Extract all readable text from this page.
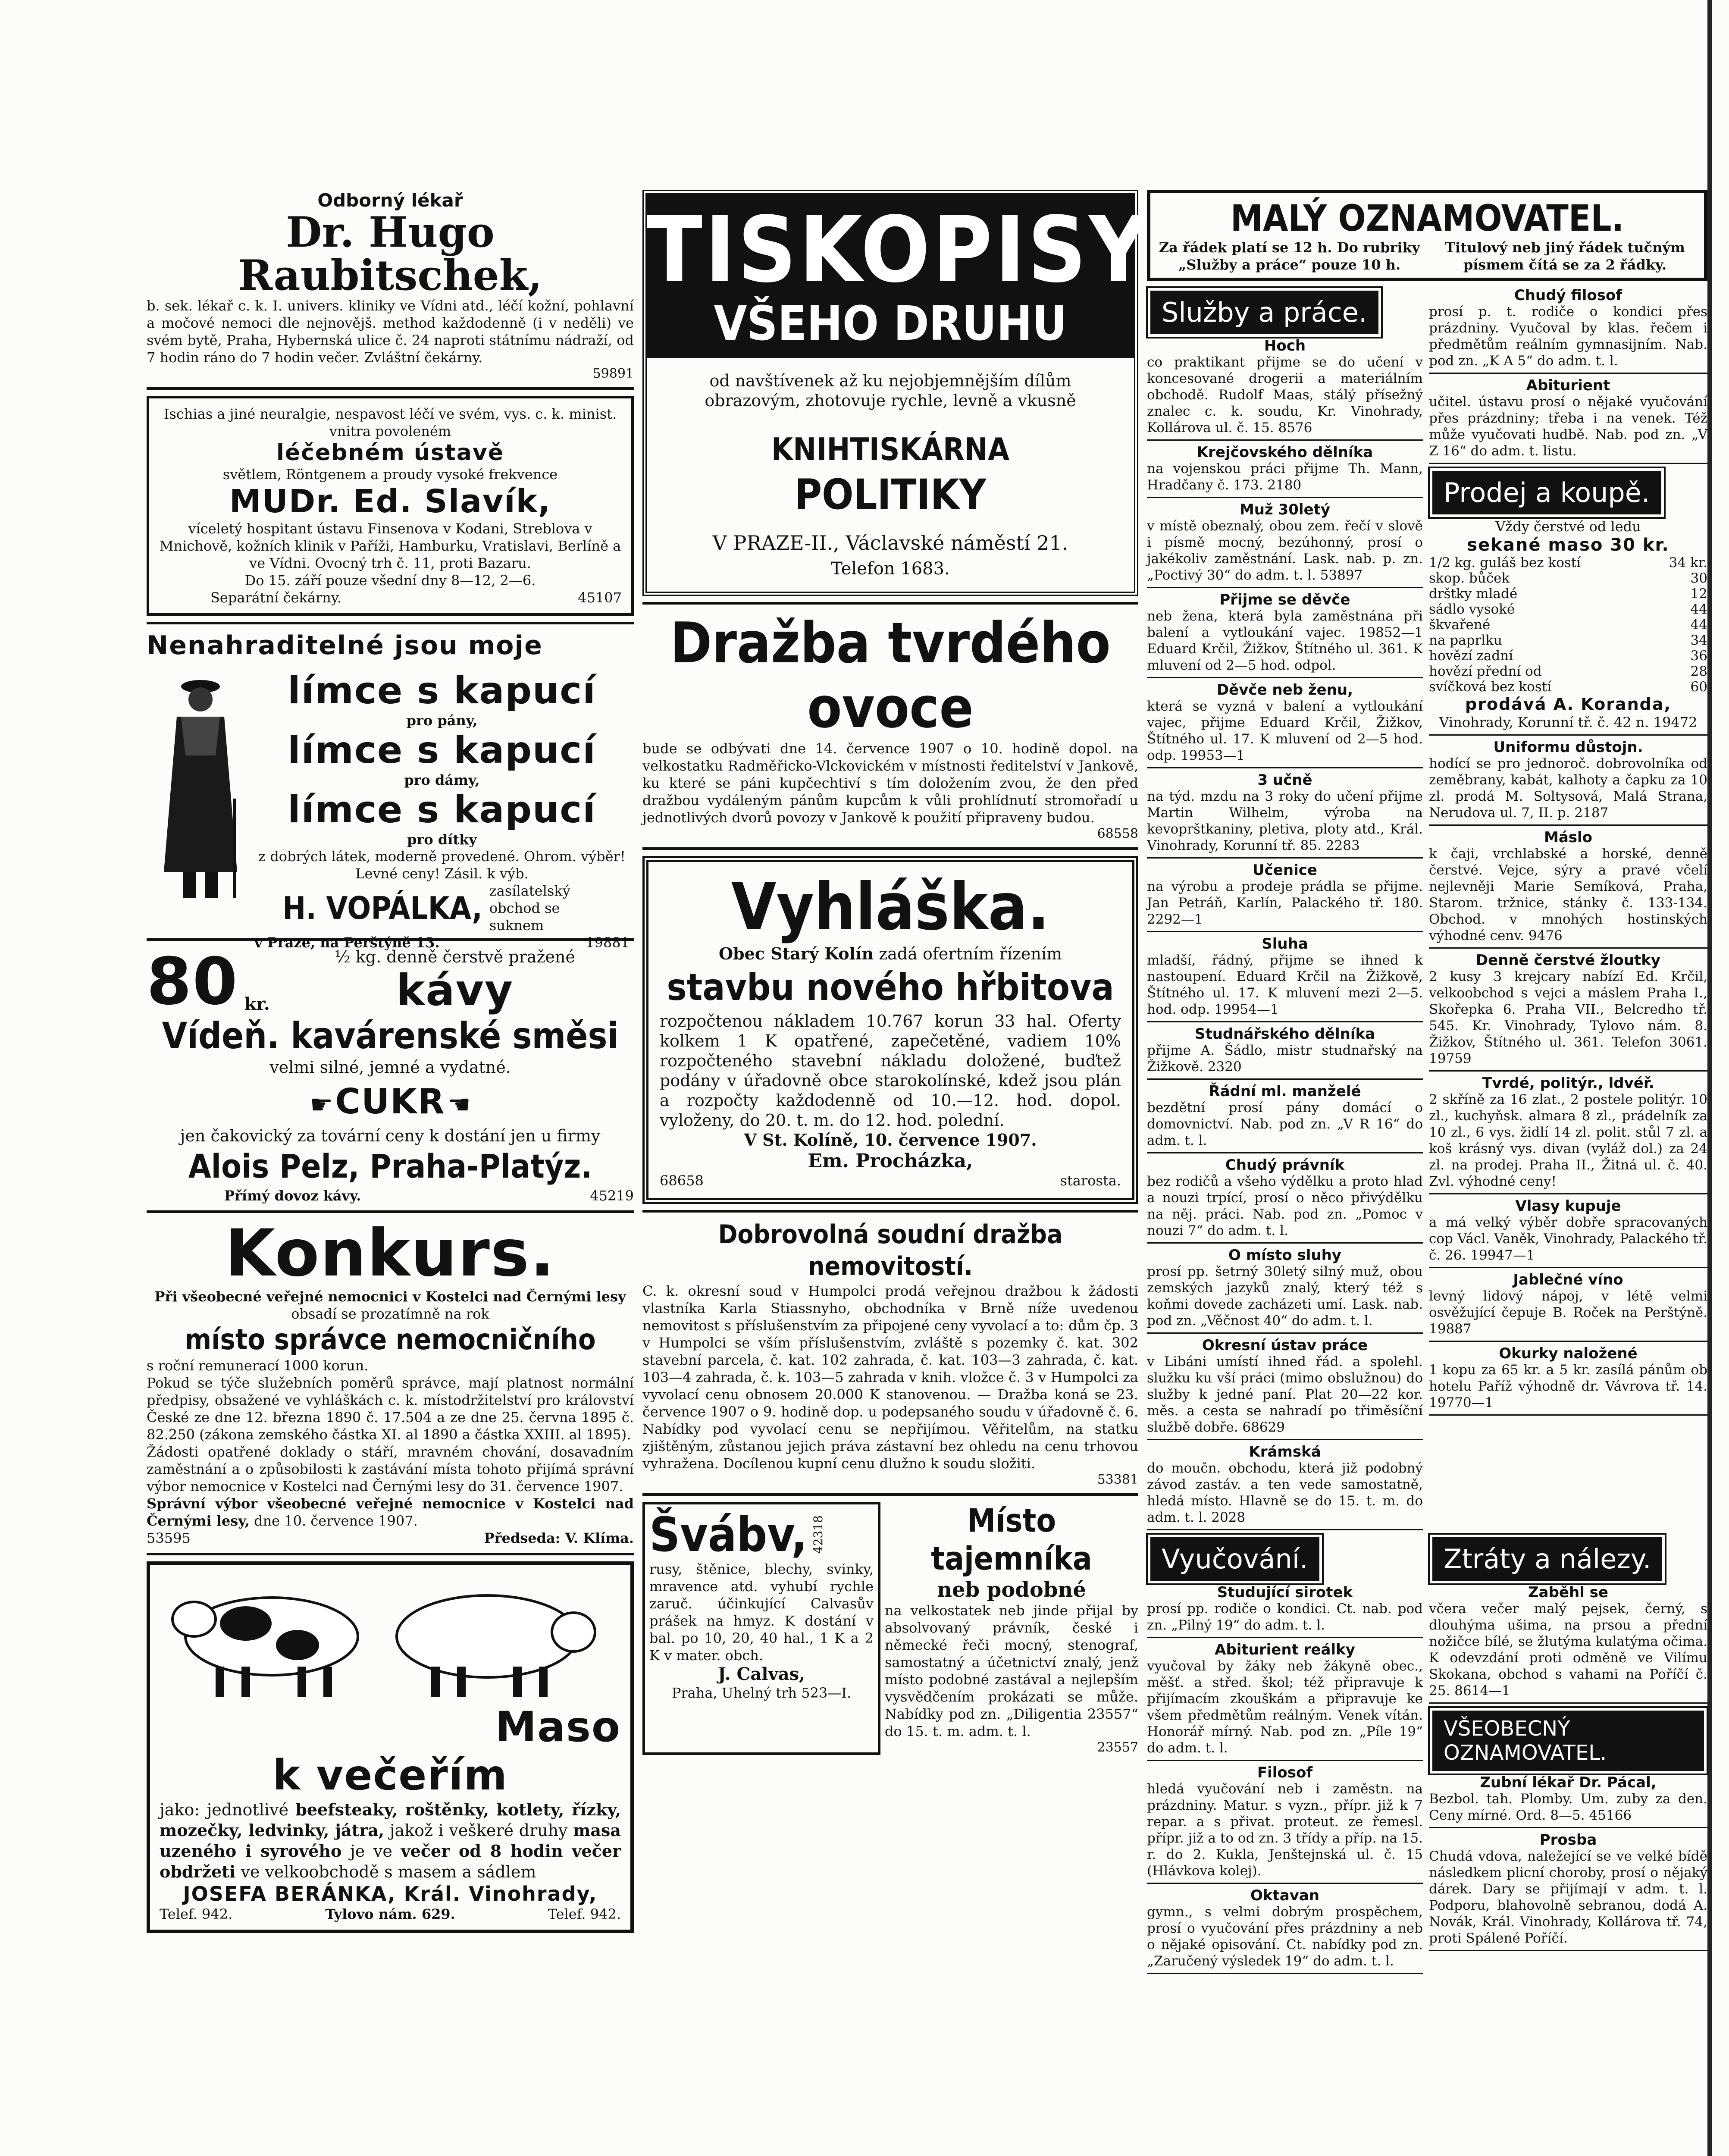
Odborný lékař
Dr. Hugo Raubitschek,
b. sek. lékař c. k. I. univers. kliniky ve Vídni atd., léčí kožní, pohlavní a močové nemoci dle nejnovějš. method každodenně (i v neděli) ve svém bytě, Praha, Hybernská ulice č. 24 naproti státnímu nádraží, od 7 hodin ráno do 7 hodin večer. Zvláštní čekárny.
59891
Ischias a jiné neuralgie, nespavost léčí ve svém, vys. c. k. minist. vnitra povoleném
léčebném ústavě
světlem, Röntgenem a proudy vysoké frekvence
MUDr. Ed. Slavík,
víceletý hospitant ústavu Finsenova v Kodani, Streblova v Mnichově, kožních klinik v Paříži, Hamburku, Vratislavi, Berlíně a ve Vídni. Ovocný trh č. 11, proti Bazaru.
Do 15. září pouze všední dny 8—12, 2—6.
Separátní čekárny.	45107
Nenahraditelné jsou moje
límce s kapucí
pro pány,
límce s kapucí
pro dámy,
límce s kapucí
pro dítky
z dobrých látek, moderně provedené. Ohrom. výběr! Levné ceny! Zásil. k výb.
H. VOPÁLKA, zasílatelský obchod se suknem
v Praze, na Perštýně 13.	19881
80 kr.
½ kg. denně čerstvě pražené
kávy
Vídeň. kavárenské směsi
velmi silné, jemné a vydatné.
☛ CUKR ☚
jen čakovický za tovární ceny k dostání jen u firmy
Alois Pelz, Praha-Platýz.
Přímý dovoz kávy.	45219
Konkurs.
Při všeobecné veřejné nemocnici v Kostelci nad Černými lesy obsadí se prozatímně na rok
místo správce nemocničního
s roční remunerací 1000 korun.
Pokud se týče služebních poměrů správce, mají platnost normální předpisy, obsažené ve vyhláškách c. k. místodržitelství pro království České ze dne 12. března 1890 č. 17.504 a ze dne 25. června 1895 č. 82.250 (zákona zemského částka XI. al 1890 a částka XXIII. al 1895).
Žádosti opatřené doklady o stáří, mravném chování, dosavadním zaměstnání a o způsobilosti k zastávání místa tohoto přijímá správní výbor nemocnice v Kostelci nad Černými lesy do 31. července 1907.
Správní výbor všeobecné veřejné nemocnice v Kostelci nad Černými lesy, dne 10. července 1907.
53595	Předseda: V. Klíma.
Maso
k večeřím
jako: jednotlivé beefsteaky, roštěnky, kotlety, řízky, mozečky, ledvinky, játra, jakož i veškeré druhy masa uzeného i syrového je ve večer od 8 hodin večer obdržeti ve velkoobchodě s masem a sádlem
JOSEFA BERÁNKA, Král. Vinohrady,
Telef. 942.	Tylovo nám. 629.	Telef. 942.
TISKOPISY
VŠEHO DRUHU
od navštívenek až ku nejobjemnějším dílům obrazovým, zhotovuje rychle, levně a vkusně
KNIHTISKÁRNA
POLITIKY
V PRAZE-II., Václavské náměstí 21.
Telefon 1683.
Dražba tvrdého ovoce
bude se odbývati dne 14. července 1907 o 10. hodině dopol. na velkostatku Radměřicko-Vlckovickém v místnosti ředitelství v Jankově, ku které se páni kupčechtiví s tím doložením zvou, že den před dražbou vydáleným pánům kupcům k vůli prohlídnutí stromořadí u jednotlivých dvorů povozy v Jankově k použití připraveny budou.
68558
Vyhláška.
Obec Starý Kolín zadá ofertním řízením
stavbu nového hřbitova
rozpočtenou nákladem 10.767 korun 33 hal. Oferty kolkem 1 K opatřené, zapečetěné, vadiem 10% rozpočteného stavební nákladu doložené, buďtež podány v úřadovně obce starokolínské, kdež jsou plán a rozpočty každodenně od 10.—12. hod. dopol. vyloženy, do 20. t. m. do 12. hod. polední.
V St. Kolíně, 10. července 1907.
Em. Procházka,
68658	starosta.
Dobrovolná soudní dražba nemovitostí.
C. k. okresní soud v Humpolci prodá veřejnou dražbou k žádosti vlastníka Karla Stiassnyho, obchodníka v Brně níže uvedenou nemovitost s příslušenstvím za připojené ceny vyvolací a to: dům čp. 3 v Humpolci se vším příslušenstvím, zvláště s pozemky č. kat. 302 stavební parcela, č. kat. 102 zahrada, č. kat. 103—3 zahrada, č. kat. 103—4 zahrada, č. k. 103—5 zahrada v knih. vložce č. 3 v Humpolci za vyvolací cenu obnosem 20.000 K stanovenou. — Dražba koná se 23. července 1907 o 9. hodině dop. u podepsaného soudu v úřadovně č. 6. Nabídky pod vyvolací cenu se nepřijímou. Věřitelům, na statku zjištěným, zůstanou jejich práva zástavní bez ohledu na cenu trhovou vyhražena. Docílenou kupní cenu dlužno k soudu složiti.
53381
Švábv, 42318
rusy, štěnice, blechy, svinky, mravence atd. vyhubí rychle zaruč. účinkující Calvasův prášek na hmyz. K dostání v bal. po 10, 20, 40 hal., 1 K a 2 K v mater. obch.
J. Calvas,
Praha, Uhelný trh 523—I.
Místo tajemníka
neb podobné
na velkostatek neb jinde přijal by absolvovaný právník, české i německé řeči mocný, stenograf, samostatný a účetnictví znalý, jenž místo podobné zastával a nejlepším vysvědčením prokázati se může. Nabídky pod zn. „Diligentia 23557“ do 15. t. m. adm. t. l.
23557
MALÝ OZNAMOVATEL.
Za řádek platí se 12 h. Do rubriky „Služby a práce“ pouze 10 h.
Titulový neb jiný řádek tučným písmem čítá se za 2 řádky.
Služby a práce.
Hoch
co praktikant přijme se do učení v koncesované drogerii a materiálním obchodě. Rudolf Maas, stálý přísežný znalec c. k. soudu, Kr. Vinohrady, Kollárova ul. č. 15. 8576
Krejčovského dělníka
na vojenskou práci přijme Th. Mann, Hradčany č. 173. 2180
Muž 30letý
v místě obeznalý, obou zem. řečí v slově i písmě mocný, bezúhonný, prosí o jakékoliv zaměstnání. Lask. nab. p. zn. „Poctivý 30“ do adm. t. l. 53897
Přijme se děvče
neb žena, která byla zaměstnána při balení a vytloukání vajec. 19852—1 Eduard Krčil, Žižkov, Štítného ul. 361. K mluvení od 2—5 hod. odpol.
Děvče neb ženu,
která se vyzná v balení a vytloukání vajec, přijme Eduard Krčil, Žižkov, Štítného ul. 17. K mluvení od 2—5 hod. odp. 19953—1
3 učně
na týd. mzdu na 3 roky do učení přijme Martin Wilhelm, výroba na kevoprštkaniny, pletiva, ploty atd., Král. Vinohrady, Korunní tř. 85. 2283
Učenice
na výrobu a prodeje prádla se přijme. Jan Petráň, Karlín, Palackého tř. 180. 2292—1
Sluha
mladší, řádný, přijme se ihned k nastoupení. Eduard Krčil na Žižkově, Štítného ul. 17. K mluvení mezi 2—5. hod. odp. 19954—1
Studnářského dělníka
přijme A. Šádlo, mistr studnařský na Žižkově. 2320
Řádní ml. manželé
bezdětní prosí pány domácí o domovnictví. Nab. pod zn. „V R 16“ do adm. t. l.
Chudý právník
bez rodičů a všeho výdělku a proto hlad a nouzi trpící, prosí o něco přivýdělku na něj. práci. Nab. pod zn. „Pomoc v nouzi 7“ do adm. t. l.
O místo sluhy
prosí pp. šetrný 30letý silný muž, obou zemských jazyků znalý, který též s koňmi dovede zacházeti umí. Lask. nab. pod zn. „Věčnost 40“ do adm. t. l.
Okresní ústav práce
v Libáni umístí ihned řád. a spolehl. služku ku vší práci (mimo obslužnou) do služby k jedné paní. Plat 20—22 kor. měs. a cesta se nahradí po třiměsíční službě dobře. 68629
Krámská
do moučn. obchodu, která již podobný závod zastáv. a ten vede samostatně, hledá místo. Hlavně se do 15. t. m. do adm. t. l. 2028
Chudý filosof
prosí p. t. rodiče o kondici přes prázdniny. Vyučoval by klas. řečem i předmětům reálním gymnasijním. Nab. pod zn. „K A 5“ do adm. t. l.
Abiturient
učitel. ústavu prosí o nějaké vyučování přes prázdniny; třeba i na venek. Též může vyučovati hudbě. Nab. pod zn. „V Z 16“ do adm. t. listu.
Prodej a koupě.
Vždy čerstvé od ledu
sekané maso 30 kr.
1/2 kg. guláš bez kostí	34 kr.
skop. bůček	30
drštky mladé	12
sádlo vysoké	44
škvařené	44
na paprlku	34
hovězí zadní	36
hovězí přední od	28
svíčková bez kostí	60
prodává A. Koranda,
Vinohrady, Korunní tř. č. 42 n. 19472
Uniformu důstojn.
hodící se pro jednoroč. dobrovolníka od zeměbrany, kabát, kalhoty a čapku za 10 zl. prodá M. Soltysová, Malá Strana, Nerudova ul. 7, II. p. 2187
Máslo
k čaji, vrchlabské a horské, denně čerstvé. Vejce, sýry a pravé včelí nejlevněji Marie Semíková, Praha, Starom. tržnice, stánky č. 133-134. Obchod. v mnohých hostinských výhodné cenv. 9476
Denně čerstvé žloutky
2 kusy 3 krejcary nabízí Ed. Krčil, velkoobchod s vejci a máslem Praha I., Skořepka 6. Praha VII., Belcredho tř. 545. Kr. Vinohrady, Tylovo nám. 8. Žižkov, Štítného ul. 361. Telefon 3061. 19759
Tvrdé, politýr., ldvéř.
2 skříně za 16 zlat., 2 postele politýr. 10 zl., kuchyňsk. almara 8 zl., prádelník za 10 zl., 6 vys. židlí 14 zl. polit. stůl 7 zl. a koš krásný vys. divan (vyláž dol.) za 24 zl. na prodej. Praha II., Žitná ul. č. 40. Zvl. výhodné ceny!
Vlasy kupuje
a má velký výběr dobře spracovaných cop Václ. Vaněk, Vinohrady, Palackého tř. č. 26. 19947—1
Jablečné víno
levný lidový nápoj, v létě velmi osvěžující čepuje B. Roček na Perštýně. 19887
Okurky naložené
1 kopu za 65 kr. a 5 kr. zasílá pánům ob hotelu Paříž výhodně dr. Vávrova tř. 14. 19770—1
Vyučování.
Studující sirotek
prosí pp. rodiče o kondici. Ct. nab. pod zn. „Pilný 19“ do adm. t. l.
Abiturient reálky
vyučoval by žáky neb žákyně obec., měšť. a střed. škol; též připravuje k přijímacím zkouškám a připravuje ke všem předmětům reálným. Venek vítán. Honorář mírný. Nab. pod zn. „Píle 19“ do adm. t. l.
Filosof
hledá vyučování neb i zaměstn. na prázdniny. Matur. s vyzn., přípr. již k 7 repar. a s přivat. proteut. ze řemesl. přípr. již a to od zn. 3 třídy a příp. na 15. r. do 2. Kukla, Jenštejnská ul. č. 15 (Hlávkova kolej).
Oktavan
gymn., s velmi dobrým prospěchem, prosí o vyučování přes prázdniny a neb o nějaké opisování. Ct. nabídky pod zn. „Zaručený výsledek 19“ do adm. t. l.
Ztráty a nálezy.
Zaběhl se
včera večer malý pejsek, černý, s dlouhýma ušima, na prsou a přední nožičce bílé, se žlutýma kulatýma očima. K odevzdání proti odměně ve Vilímu Skokana, obchod s vahami na Poříčí č. 25. 8614—1
VŠEOBECNÝ OZNAMOVATEL.
Zubní lékař Dr. Pácal,
Bezbol. tah. Plomby. Um. zuby za den. Ceny mírné. Ord. 8—5. 45166
Prosba
Chudá vdova, naležející se ve velké bídě následkem plicní choroby, prosí o nějaký dárek. Dary se přijímají v adm. t. l. Podporu, blahovolně sebranou, dodá A. Novák, Král. Vinohrady, Kollárova tř. 74, proti Spálené Poříčí.
